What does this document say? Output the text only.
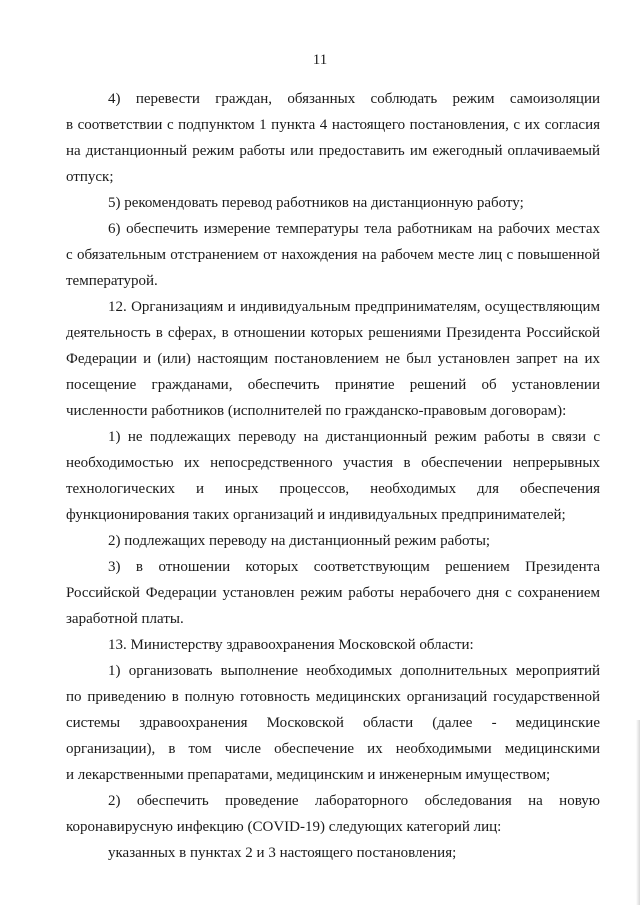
11
4) перевести граждан, обязанных соблюдать режим самоизоляции
в соответствии с подпунктом 1 пункта 4 настоящего постановления, с их согласия
на дистанционный режим работы или предоставить им ежегодный оплачиваемый
отпуск;
5) рекомендовать перевод работников на дистанционную работу;
6) обеспечить измерение температуры тела работникам на рабочих местах
с обязательным отстранением от нахождения на рабочем месте лиц с повышенной
температурой.
12. Организациям и индивидуальным предпринимателям, осуществляющим
деятельность в сферах, в отношении которых решениями Президента Российской
Федерации и (или) настоящим постановлением не был установлен запрет на их
посещение гражданами, обеспечить принятие решений об установлении
численности работников (исполнителей по гражданско-правовым договорам):
1) не подлежащих переводу на дистанционный режим работы в связи с
необходимостью их непосредственного участия в обеспечении непрерывных
технологических и иных процессов, необходимых для обеспечения
функционирования таких организаций и индивидуальных предпринимателей;
2) подлежащих переводу на дистанционный режим работы;
3) в отношении которых соответствующим решением Президента
Российской Федерации установлен режим работы нерабочего дня с сохранением
заработной платы.
13. Министерству здравоохранения Московской области:
1) организовать выполнение необходимых дополнительных мероприятий
по приведению в полную готовность медицинских организаций государственной
системы здравоохранения Московской области (далее - медицинские
организации), в том числе обеспечение их необходимыми медицинскими
и лекарственными препаратами, медицинским и инженерным имуществом;
2) обеспечить проведение лабораторного обследования на новую
коронавирусную инфекцию (COVID-19) следующих категорий лиц:
указанных в пунктах 2 и 3 настоящего постановления;
